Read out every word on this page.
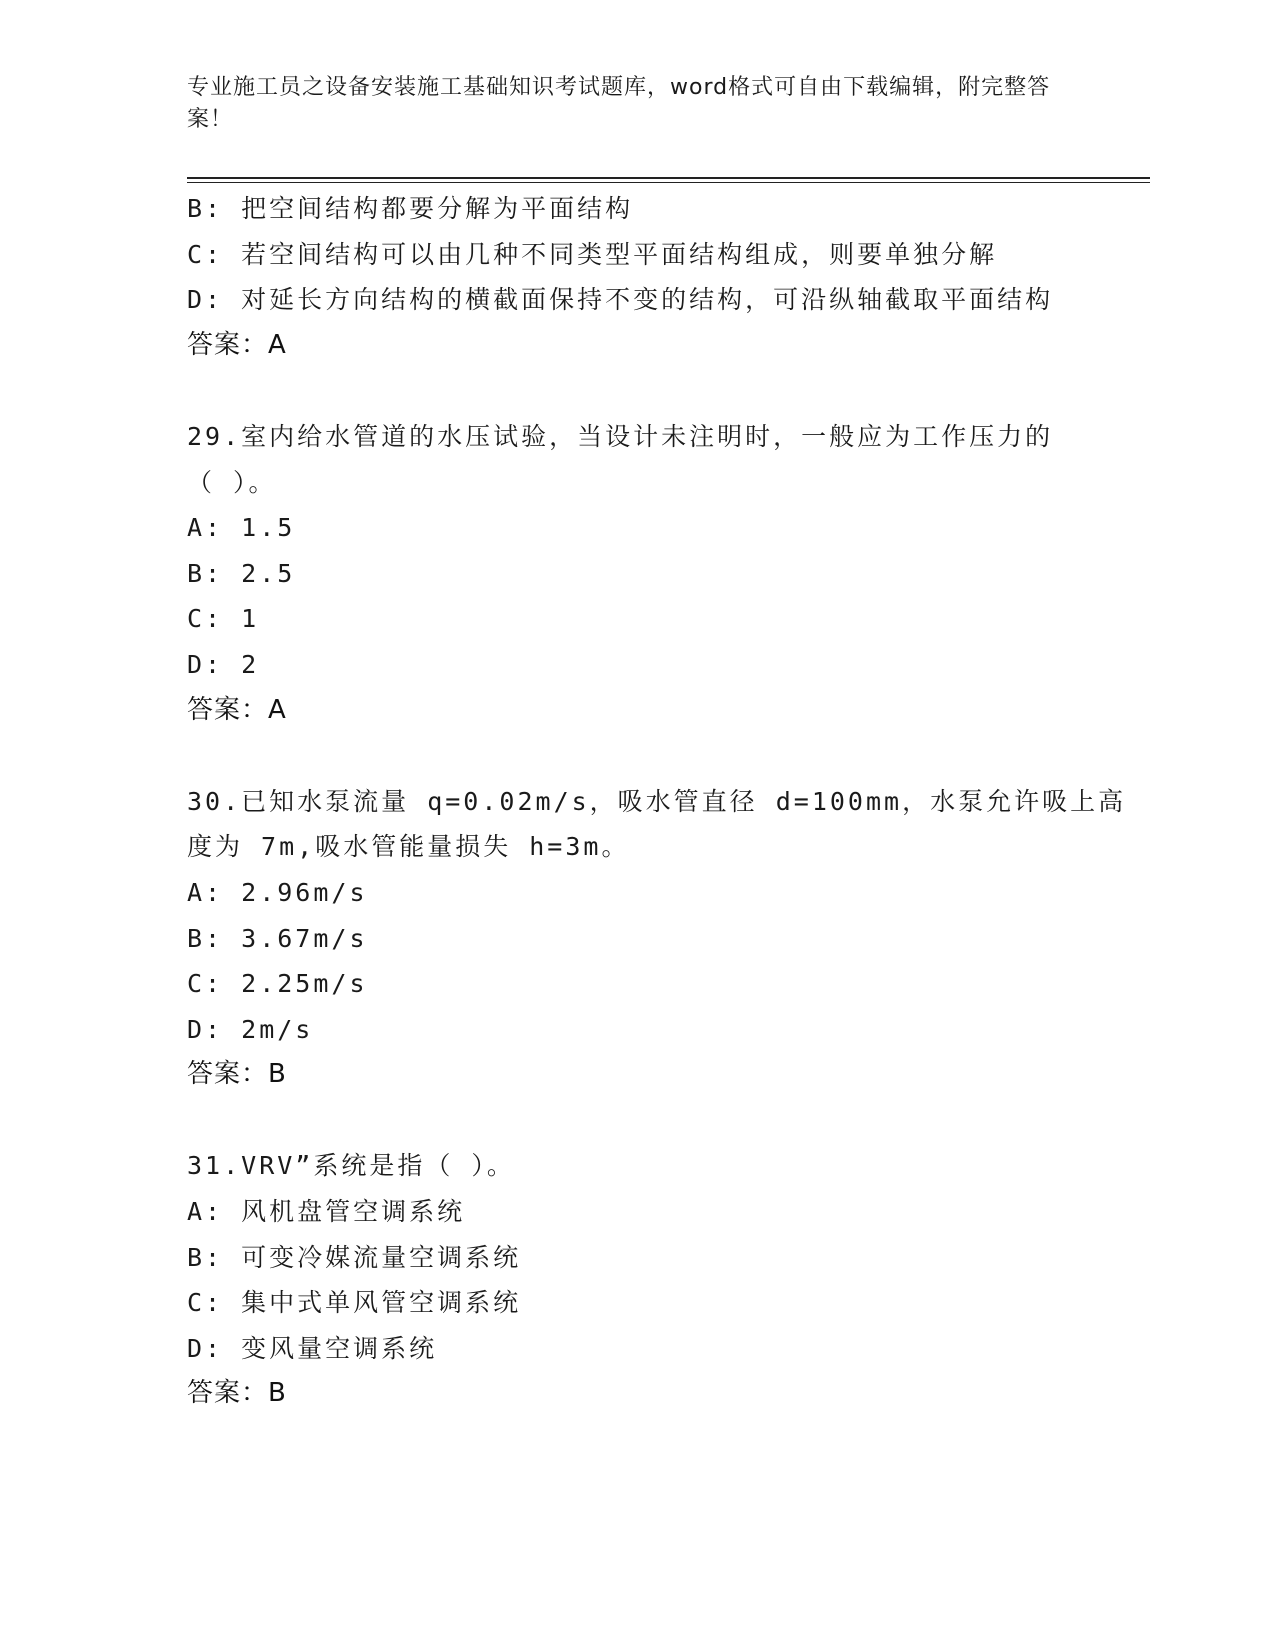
专业施工员之设备安装施工基础知识考试题库，word格式可自由下载编辑，附完整答案！
B: 把空间结构都要分解为平面结构
C: 若空间结构可以由几种不同类型平面结构组成，则要单独分解
D: 对延长方向结构的横截面保持不变的结构，可沿纵轴截取平面结构
答案：A
29.室内给水管道的水压试验，当设计未注明时，一般应为工作压力的
（ ）。
A: 1.5
B: 2.5
C: 1
D: 2
答案：A
30.已知水泵流量 q=0.02m/s，吸水管直径 d=100mm，水泵允许吸上高
度为 7m,吸水管能量损失 h=3m。
A: 2.96m/s
B: 3.67m/s
C: 2.25m/s
D: 2m/s
答案：B
31.VRV”系统是指（ ）。
A: 风机盘管空调系统
B: 可变冷媒流量空调系统
C: 集中式单风管空调系统
D: 变风量空调系统
答案：B
